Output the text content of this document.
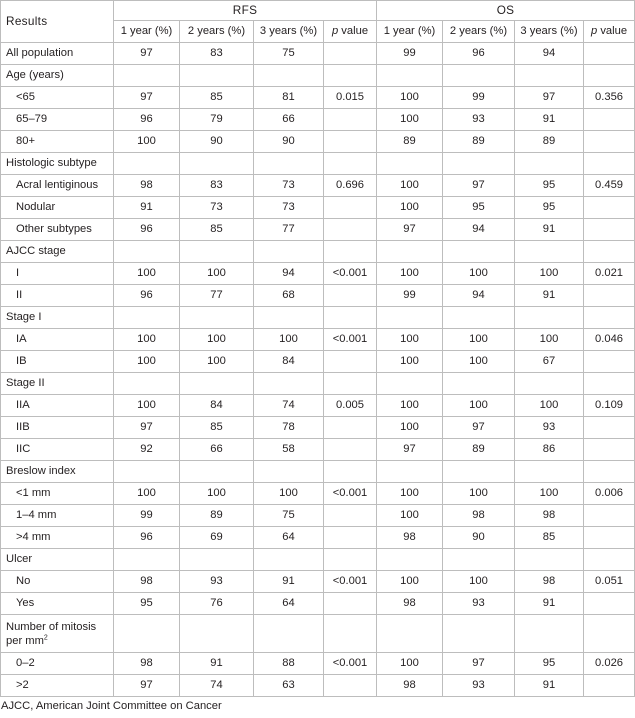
Results	RFS				OS			
	1 year (%)	2 years (%)	3 years (%)	p value	1 year (%)	2 years (%)	3 years (%)	p value
All population	97	83	75		99	96	94	
Age (years)								
<65	97	85	81	0.015	100	99	97	0.356
65–79	96	79	66		100	93	91	
80+	100	90	90		89	89	89	
Histologic subtype								
Acral lentiginous	98	83	73	0.696	100	97	95	0.459
Nodular	91	73	73		100	95	95	
Other subtypes	96	85	77		97	94	91	
AJCC stage								
I	100	100	94	<0.001	100	100	100	0.021
II	96	77	68		99	94	91	
Stage I								
IA	100	100	100	<0.001	100	100	100	0.046
IB	100	100	84		100	100	67	
Stage II								
IIA	100	84	74	0.005	100	100	100	0.109
IIB	97	85	78		100	97	93	
IIC	92	66	58		97	89	86	
Breslow index								
<1 mm	100	100	100	<0.001	100	100	100	0.006
1–4 mm	99	89	75		100	98	98	
>4 mm	96	69	64		98	90	85	
Ulcer								
No	98	93	91	<0.001	100	100	98	0.051
Yes	95	76	64		98	93	91	
Number of mitosis per $mm^2$								
0–2	98	91	88	<0.001	100	97	95	0.026
>2	97	74	63		98	93	91	
AJCC, American Joint Committee on Cancer
